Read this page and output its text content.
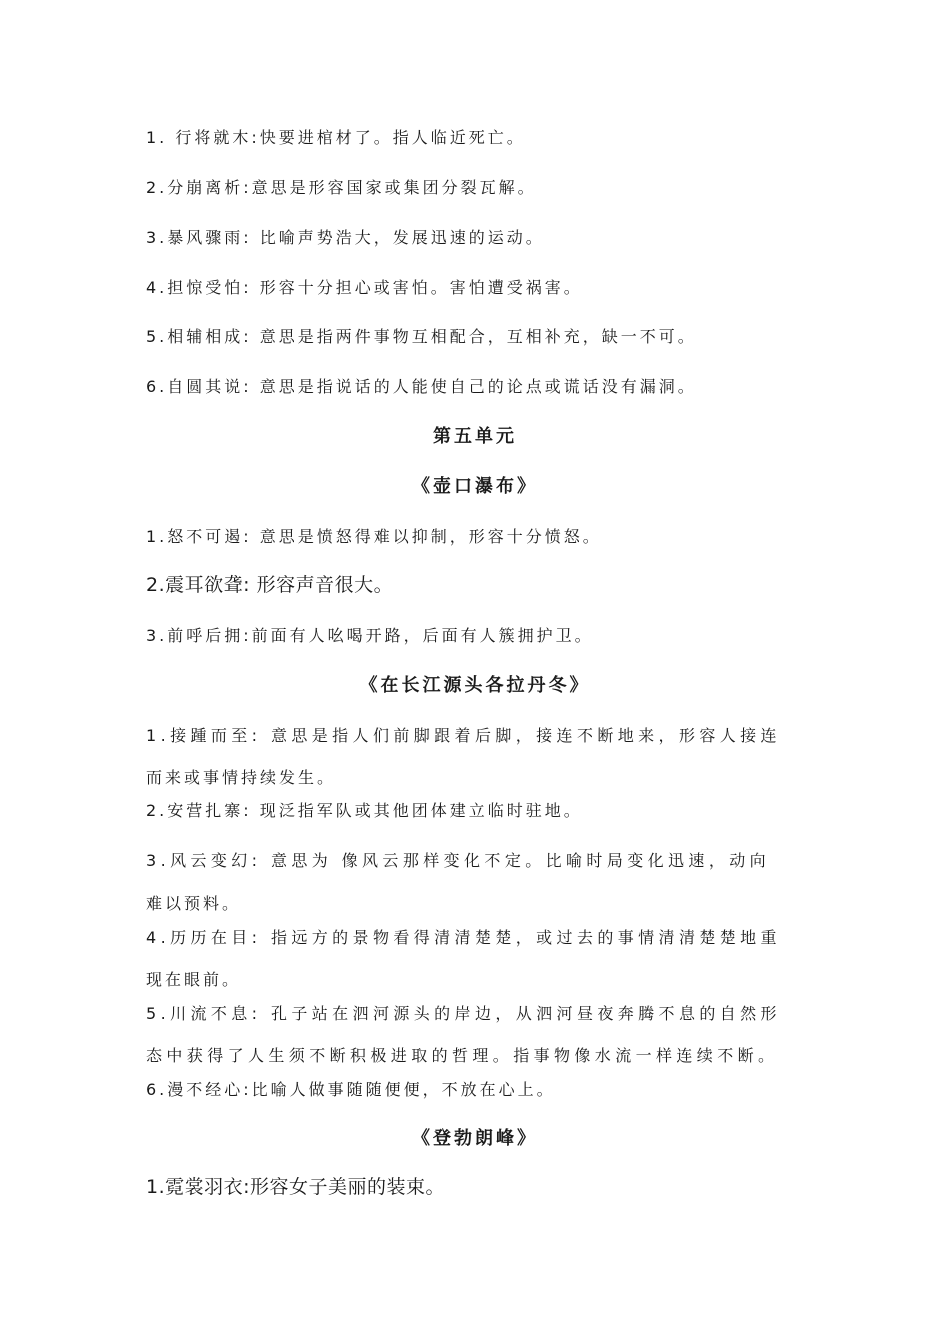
1. 行将就木:快要进棺材了。指人临近死亡。

2.分崩离析:意思是形容国家或集团分裂瓦解。

3.暴风骤雨: 比喻声势浩大，发展迅速的运动。

4.担惊受怕: 形容十分担心或害怕。害怕遭受祸害。

5.相辅相成: 意思是指两件事物互相配合，互相补充，缺一不可。

6.自圆其说: 意思是指说话的人能使自己的论点或谎话没有漏洞。

第五单元
《壶口瀑布》

1.怒不可遏: 意思是愤怒得难以抑制，形容十分愤怒。

2.震耳欲聋: 形容声音很大。

3.前呼后拥:前面有人吆喝开路，后面有人簇拥护卫。

《在长江源头各拉丹冬》

1.接踵而至: 意思是指人们前脚跟着后脚，接连不断地来，形容人接连

而来或事情持续发生。

2.安营扎寨: 现泛指军队或其他团体建立临时驻地。

3.风云变幻: 意思为 像风云那样变化不定。比喻时局变化迅速，动向

难以预料。

4.历历在目: 指远方的景物看得清清楚楚，或过去的事情清清楚楚地重

现在眼前。

5.川流不息: 孔子站在泗河源头的岸边，从泗河昼夜奔腾不息的自然形

态中获得了人生须不断积极进取的哲理。指事物像水流一样连续不断。

6.漫不经心:比喻人做事随随便便，不放在心上。

《登勃朗峰》

1.霓裳羽衣:形容女子美丽的装束。
